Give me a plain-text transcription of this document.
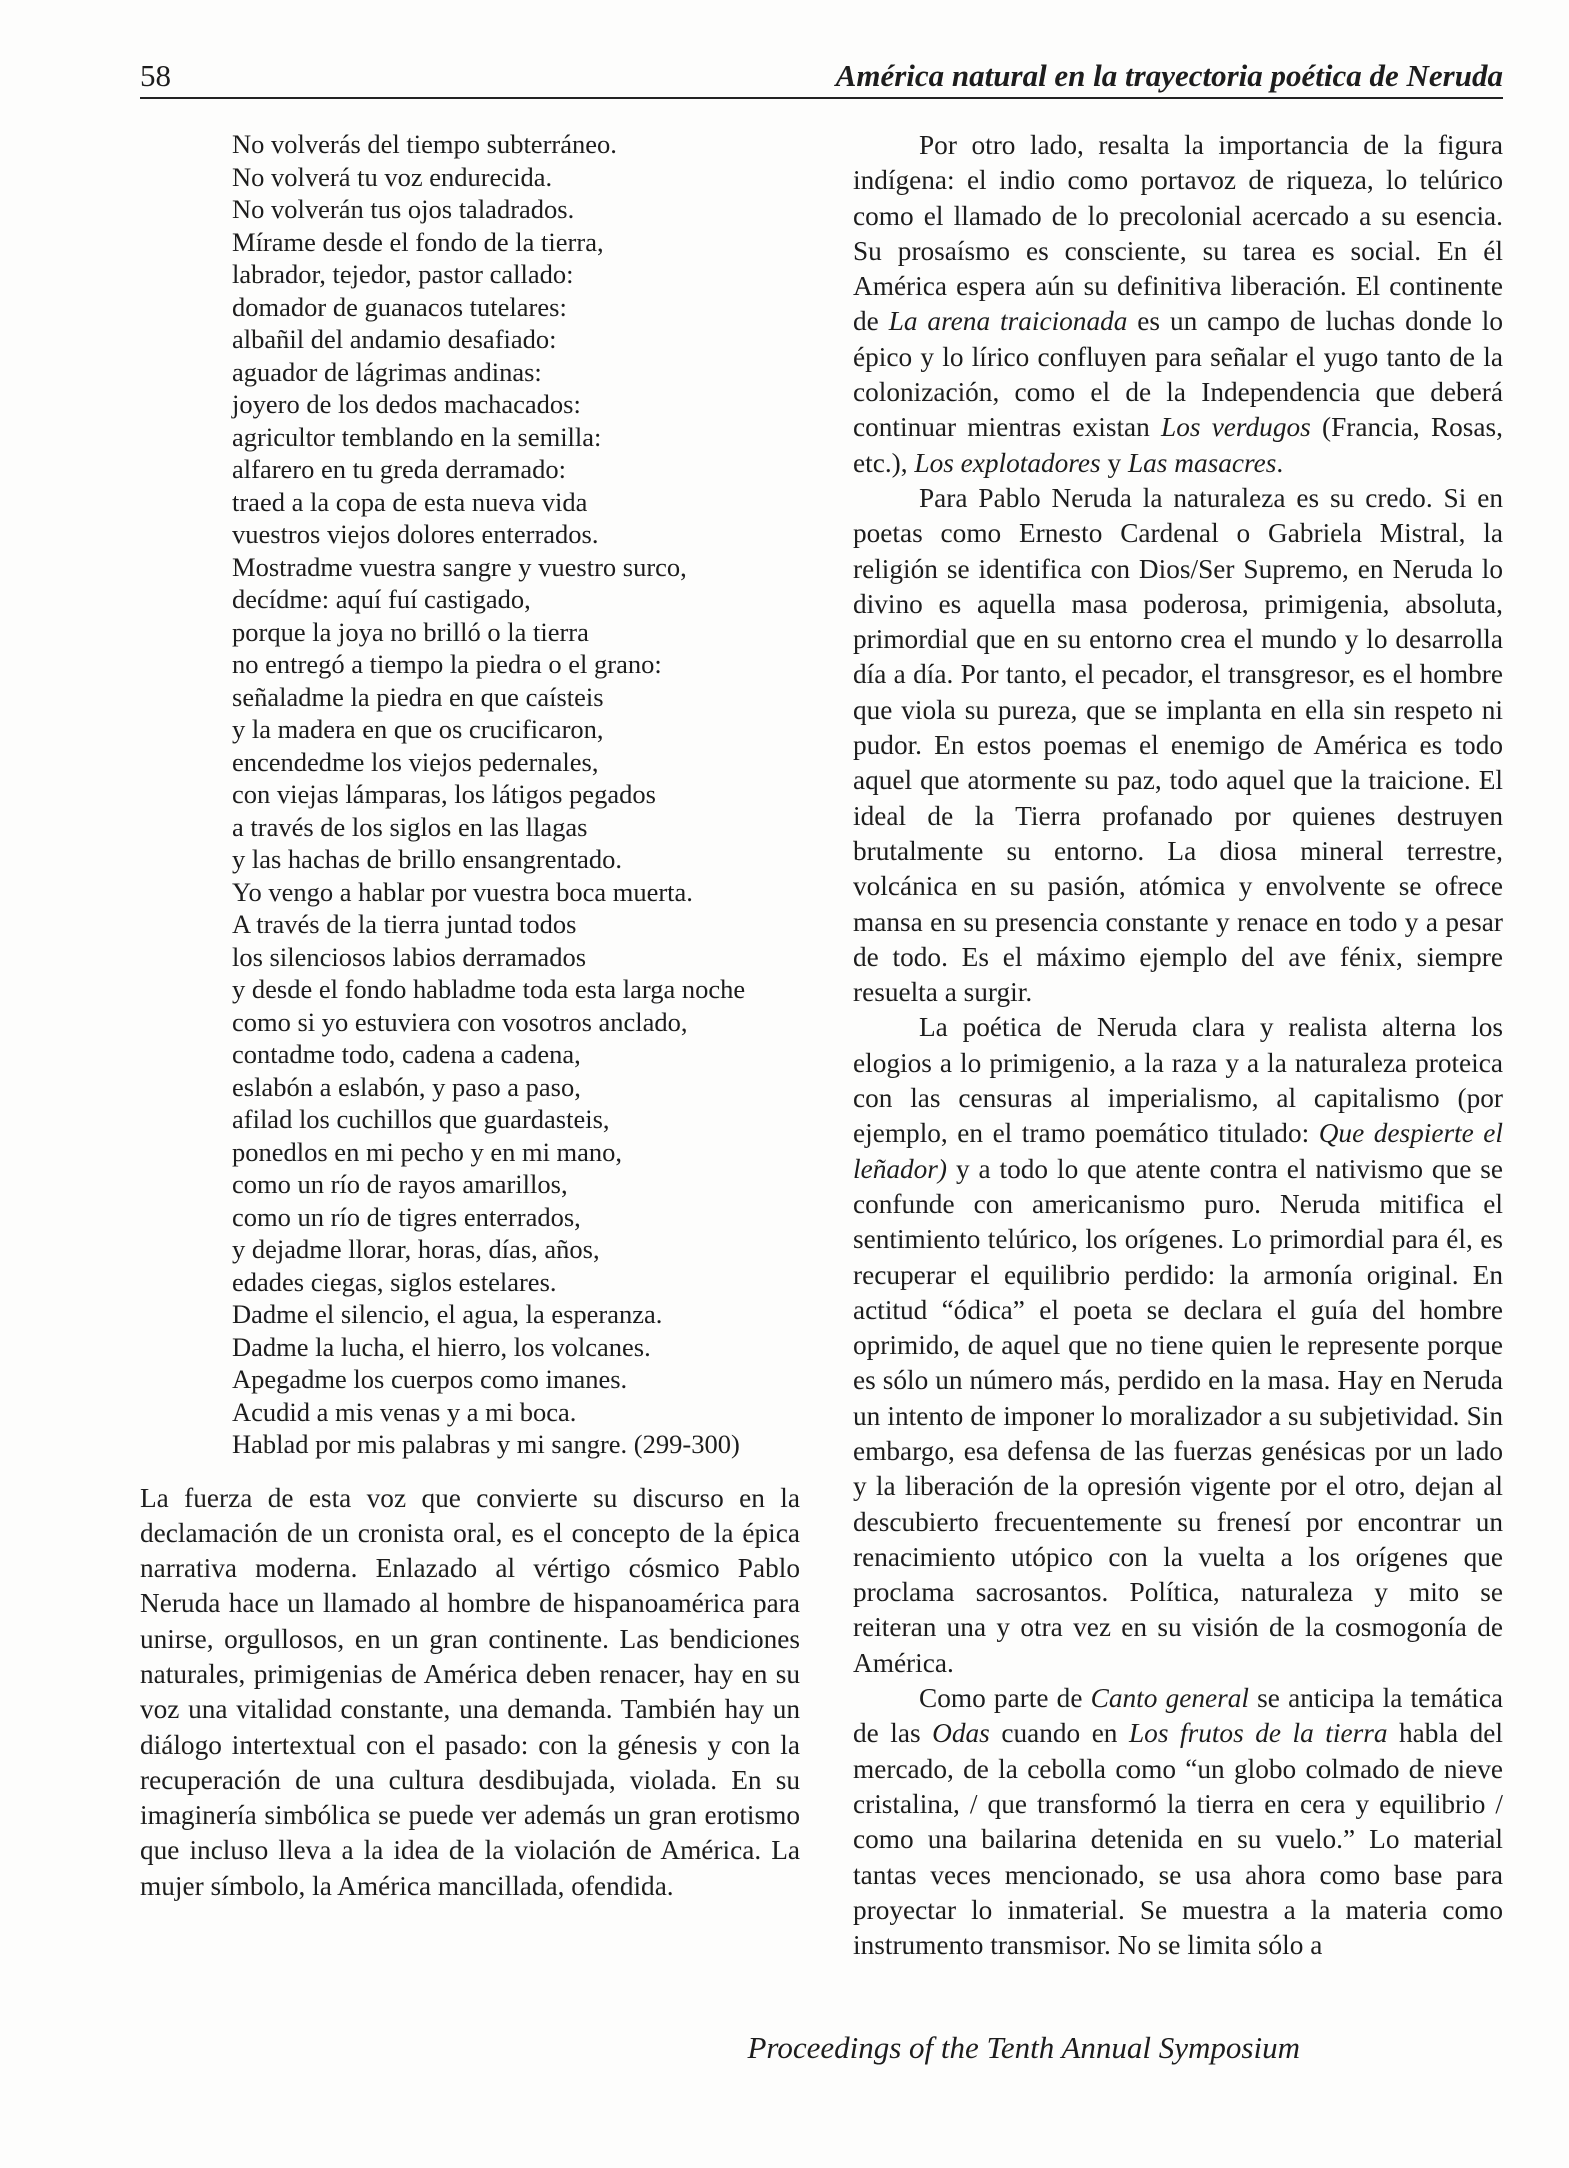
58	América natural en la trayectoria poética de Neruda
No volverás del tiempo subterráneo.
No volverá tu voz endurecida.
No volverán tus ojos taladrados.
Mírame desde el fondo de la tierra,
labrador, tejedor, pastor callado:
domador de guanacos tutelares:
albañil del andamio desafiado:
aguador de lágrimas andinas:
joyero de los dedos machacados:
agricultor temblando en la semilla:
alfarero en tu greda derramado:
traed a la copa de esta nueva vida
vuestros viejos dolores enterrados.
Mostradme vuestra sangre y vuestro surco,
decídme: aquí fuí castigado,
porque la joya no brilló o la tierra
no entregó a tiempo la piedra o el grano:
señaladme la piedra en que caísteis
y la madera en que os crucificaron,
encendedme los viejos pedernales,
con viejas lámparas, los látigos pegados
a través de los siglos en las llagas
y las hachas de brillo ensangrentado.
Yo vengo a hablar por vuestra boca muerta.
A través de la tierra juntad todos
los silenciosos labios derramados
y desde el fondo habladme toda esta larga noche
como si yo estuviera con vosotros anclado,
contadme todo, cadena a cadena,
eslabón a eslabón, y paso a paso,
afilad los cuchillos que guardasteis,
ponedlos en mi pecho y en mi mano,
como un río de rayos amarillos,
como un río de tigres enterrados,
y dejadme llorar, horas, días, años,
edades ciegas, siglos estelares.
Dadme el silencio, el agua, la esperanza.
Dadme la lucha, el hierro, los volcanes.
Apegadme los cuerpos como imanes.
Acudid a mis venas y a mi boca.
Hablad por mis palabras y mi sangre. (299-300)

La fuerza de esta voz que convierte su discurso en la declamación de un cronista oral, es el concepto de la épica narrativa moderna. Enlazado al vértigo cósmico Pablo Neruda hace un llamado al hombre de hispanoamérica para unirse, orgullosos, en un gran continente. Las bendiciones naturales, primigenias de América deben renacer, hay en su voz una vitalidad constante, una demanda. También hay un diálogo intertextual con el pasado: con la génesis y con la recuperación de una cultura desdibujada, violada. En su imaginería simbólica se puede ver además un gran erotismo que incluso lleva a la idea de la violación de América. La mujer símbolo, la América mancillada, ofendida.

Por otro lado, resalta la importancia de la figura indígena: el indio como portavoz de riqueza, lo telúrico como el llamado de lo precolonial acercado a su esencia. Su prosaísmo es consciente, su tarea es social. En él América espera aún su definitiva liberación. El continente de La arena traicionada es un campo de luchas donde lo épico y lo lírico confluyen para señalar el yugo tanto de la colonización, como el de la Independencia que deberá continuar mientras existan Los verdugos (Francia, Rosas, etc.), Los explotadores y Las masacres.

Para Pablo Neruda la naturaleza es su credo. Si en poetas como Ernesto Cardenal o Gabriela Mistral, la religión se identifica con Dios/Ser Supremo, en Neruda lo divino es aquella masa poderosa, primigenia, absoluta, primordial que en su entorno crea el mundo y lo desarrolla día a día. Por tanto, el pecador, el transgresor, es el hombre que viola su pureza, que se implanta en ella sin respeto ni pudor. En estos poemas el enemigo de América es todo aquel que atormente su paz, todo aquel que la traicione. El ideal de la Tierra profanado por quienes destruyen brutalmente su entorno. La diosa mineral terrestre, volcánica en su pasión, atómica y envolvente se ofrece mansa en su presencia constante y renace en todo y a pesar de todo. Es el máximo ejemplo del ave fénix, siempre resuelta a surgir.

La poética de Neruda clara y realista alterna los elogios a lo primigenio, a la raza y a la naturaleza proteica con las censuras al imperialismo, al capitalismo (por ejemplo, en el tramo poemático titulado: Que despierte el leñador) y a todo lo que atente contra el nativismo que se confunde con americanismo puro. Neruda mitifica el sentimiento telúrico, los orígenes. Lo primordial para él, es recuperar el equilibrio perdido: la armonía original. En actitud “ódica” el poeta se declara el guía del hombre oprimido, de aquel que no tiene quien le represente porque es sólo un número más, perdido en la masa. Hay en Neruda un intento de imponer lo moralizador a su subjetividad. Sin embargo, esa defensa de las fuerzas genésicas por un lado y la liberación de la opresión vigente por el otro, dejan al descubierto frecuentemente su frenesí por encontrar un renacimiento utópico con la vuelta a los orígenes que proclama sacrosantos. Política, naturaleza y mito se reiteran una y otra vez en su visión de la cosmogonía de América.

Como parte de Canto general se anticipa la temática de las Odas cuando en Los frutos de la tierra habla del mercado, de la cebolla como “un globo colmado de nieve cristalina, / que transformó la tierra en cera y equilibrio / como una bailarina detenida en su vuelo.” Lo material tantas veces mencionado, se usa ahora como base para proyectar lo inmaterial. Se muestra a la materia como instrumento transmisor. No se limita sólo a

Proceedings of the Tenth Annual Symposium
